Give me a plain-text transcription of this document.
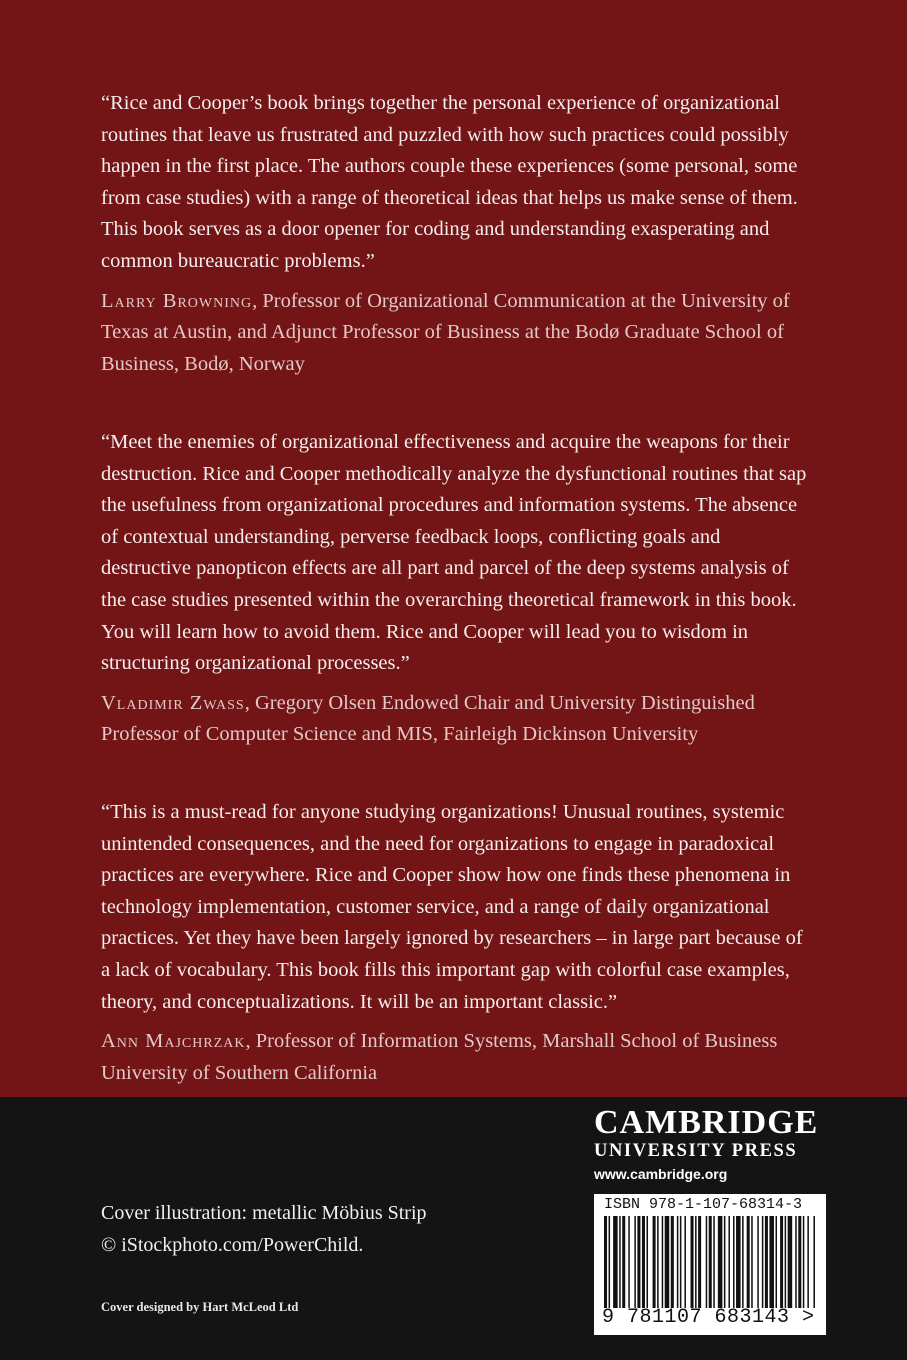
“Rice and Cooper’s book brings together the personal experience of organizational routines that leave us frustrated and puzzled with how such practices could possibly happen in the first place. The authors couple these experiences (some personal, some from case studies) with a range of theoretical ideas that helps us make sense of them. This book serves as a door opener for coding and understanding exasperating and common bureaucratic problems.”

Larry Browning, Professor of Organizational Communication at the University of Texas at Austin, and Adjunct Professor of Business at the Bodø Graduate School of Business, Bodø, Norway

“Meet the enemies of organizational effectiveness and acquire the weapons for their destruction. Rice and Cooper methodically analyze the dysfunctional routines that sap the usefulness from organizational procedures and information systems. The absence of contextual understanding, perverse feedback loops, conflicting goals and destructive panopticon effects are all part and parcel of the deep systems analysis of the case studies presented within the overarching theoretical framework in this book. You will learn how to avoid them. Rice and Cooper will lead you to wisdom in structuring organizational processes.”

Vladimir Zwass, Gregory Olsen Endowed Chair and University Distinguished Professor of Computer Science and MIS, Fairleigh Dickinson University

“This is a must-read for anyone studying organizations! Unusual routines, systemic unintended consequences, and the need for organizations to engage in paradoxical practices are everywhere. Rice and Cooper show how one finds these phenomena in technology implementation, customer service, and a range of daily organizational practices. Yet they have been largely ignored by researchers – in large part because of a lack of vocabulary. This book fills this important gap with colorful case examples, theory, and conceptualizations. It will be an important classic.”

Ann Majchrzak, Professor of Information Systems, Marshall School of Business University of Southern California

Cover illustration: metallic Möbius Strip
© iStockphoto.com/PowerChild.
Cover designed by Hart McLeod Ltd
CAMBRIDGE
UNIVERSITY PRESS
www.cambridge.org
ISBN 978-1-107-68314-3
9 781107 683143 >
